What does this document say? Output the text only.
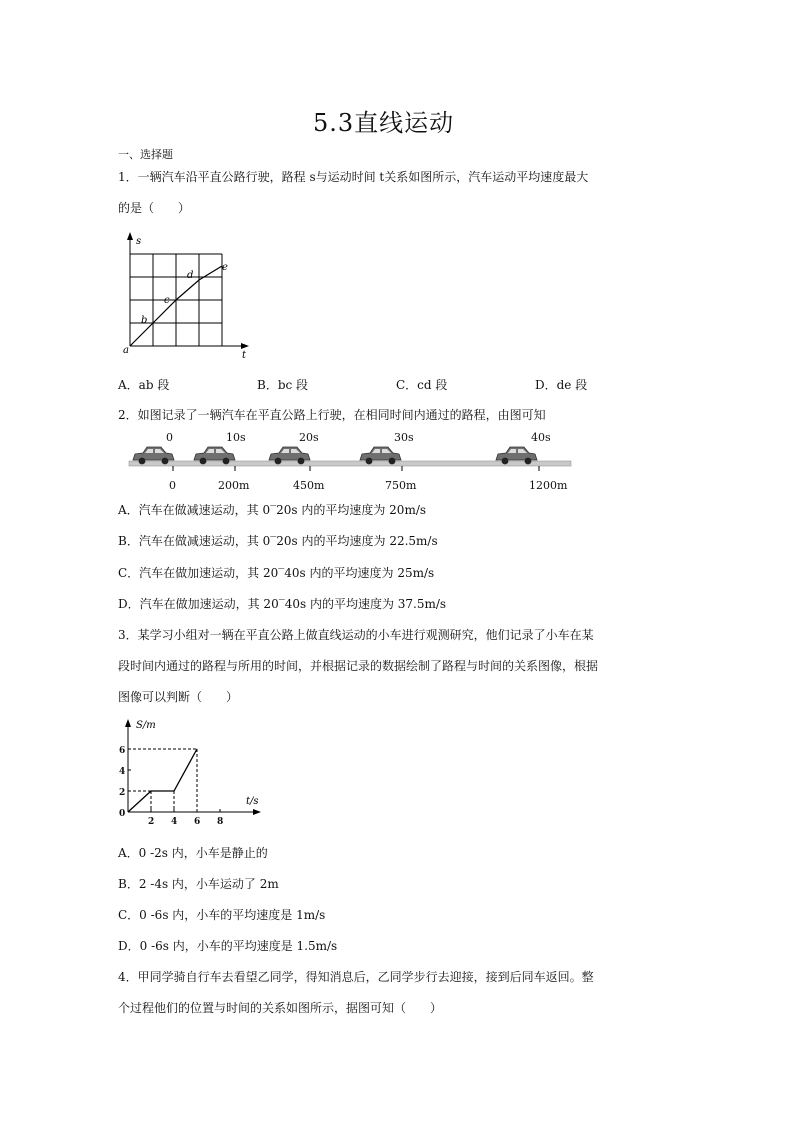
5.3直线运动
一、选择题
1．一辆汽车沿平直公路行驶，路程 s与运动时间 t关系如图所示，汽车运动平均速度最大
的是（　　）
s
t
a
b
c
d
e
A．ab 段	B．bc 段	C．cd 段	D．de 段
2．如图记录了一辆汽车在平直公路上行驶，在相同时间内通过的路程，由图可知
0	10s	20s	30s	40s
0	200m	450m	750m	1200m
A．汽车在做减速运动，其 0‾20s 内的平均速度为 20m/s
B．汽车在做减速运动，其 0‾20s 内的平均速度为 22.5m/s
C．汽车在做加速运动，其 20‾40s 内的平均速度为 25m/s
D．汽车在做加速运动，其 20‾40s 内的平均速度为 37.5m/s
3．某学习小组对一辆在平直公路上做直线运动的小车进行观测研究，他们记录了小车在某
段时间内通过的路程与所用的时间，并根据记录的数据绘制了路程与时间的关系图像，根据
图像可以判断（　　）
S/m
t/s
0
2
4
6
2 4 6 8
A．0 -2s 内，小车是静止的
B．2 -4s 内，小车运动了 2m
C．0 -6s 内，小车的平均速度是 1m/s
D．0 -6s 内，小车的平均速度是 1.5m/s
4．甲同学骑自行车去看望乙同学，得知消息后，乙同学步行去迎接，接到后同车返回。整
个过程他们的位置与时间的关系如图所示，据图可知（　　）
